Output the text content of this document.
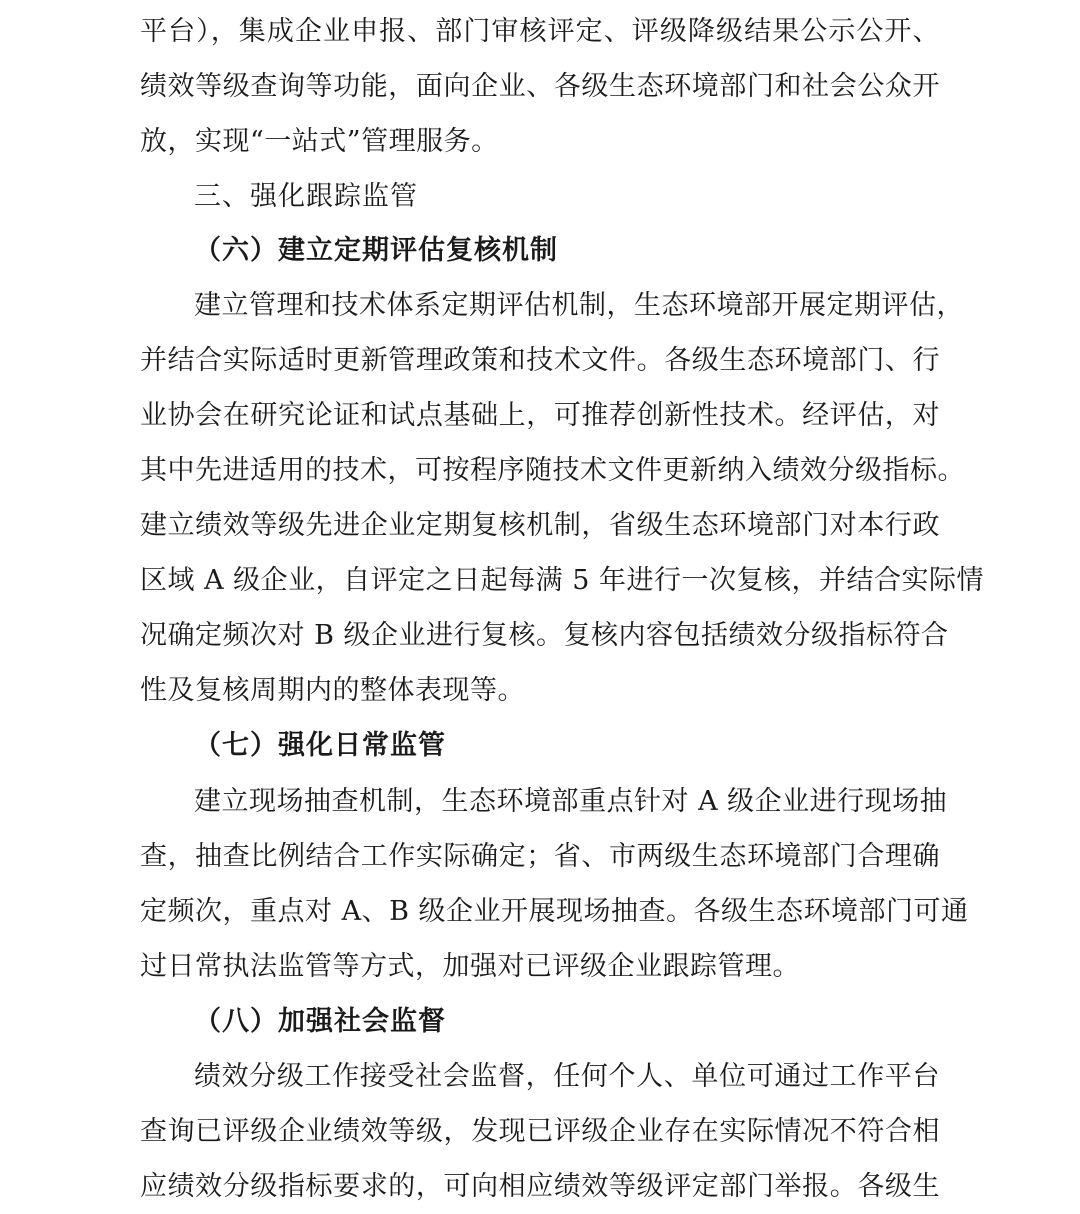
平台），集成企业申报、部门审核评定、评级降级结果公示公开、
绩效等级查询等功能，面向企业、各级生态环境部门和社会公众开
放，实现“一站式”管理服务。
三、强化跟踪监管
（六）建立定期评估复核机制
建立管理和技术体系定期评估机制，生态环境部开展定期评估，
并结合实际适时更新管理政策和技术文件。各级生态环境部门、行
业协会在研究论证和试点基础上，可推荐创新性技术。经评估，对
其中先进适用的技术，可按程序随技术文件更新纳入绩效分级指标。
建立绩效等级先进企业定期复核机制，省级生态环境部门对本行政
区域 A 级企业，自评定之日起每满 5 年进行一次复核，并结合实际情
况确定频次对 B 级企业进行复核。复核内容包括绩效分级指标符合
性及复核周期内的整体表现等。
（七）强化日常监管
建立现场抽查机制，生态环境部重点针对 A 级企业进行现场抽
查，抽查比例结合工作实际确定；省、市两级生态环境部门合理确
定频次，重点对 A、B 级企业开展现场抽查。各级生态环境部门可通
过日常执法监管等方式，加强对已评级企业跟踪管理。
（八）加强社会监督
绩效分级工作接受社会监督，任何个人、单位可通过工作平台
查询已评级企业绩效等级，发现已评级企业存在实际情况不符合相
应绩效分级指标要求的，可向相应绩效等级评定部门举报。各级生
